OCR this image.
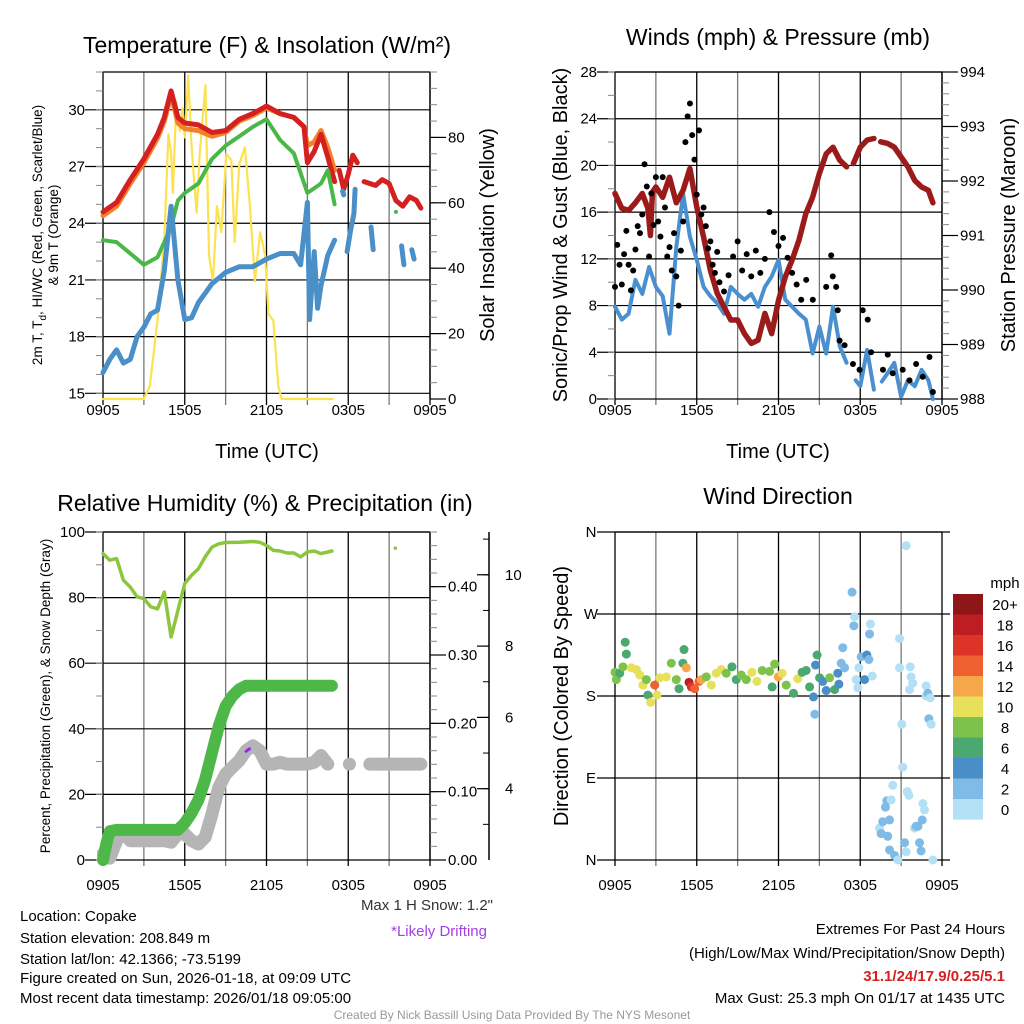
Temperature (F) & Insolation (W/m²)
Time (UTC)
2m T, $T_d$, HI/WC (Red, Green, Scarlet/Blue) & 9m T (Orange)	Solar Insolation (Yellow)
Winds (mph) & Pressure (mb)
Time (UTC)
Sonic/Prop Wind & Gust (Blue, Black)	Station Pressure (Maroon)
Relative Humidity (%) & Precipitation (in)
Percent, Precipitation (Green), & Snow Depth (Gray)
Wind Direction
Direction (Colored By Speed)	mph
0905	1505	2105	0305	0905
15
18
21
24
27
30
0
20
40
60
80
0905	1505	2105	0305	0905
0
4
8
12
16
20
24
28
988
989
990
991
992
993
994
0905	1505	2105	0305	0905
0
20
40
60
80
100
0.00
0.10
0.20
0.30
0.40
4
6
8
10
0905	1505	2105	0305	0905
N
E
S
W
N
20+
18
16
14
12
10
8
6
4
2
0
Location: Copake
Station elevation: 208.849 m
Station lat/lon: 42.1366; -73.5199
Figure created on Sun, 2026-01-18, at 09:09 UTC
Most recent data timestamp: 2026/01/18 09:05:00
Max 1 H Snow: 1.2"
*Likely Drifting	Extremes For Past 24 Hours
(High/Low/Max Wind/Precipitation/Snow Depth)
31.1/24/17.9/0.25/5.1
Max Gust: 25.3 mph On 01/17 at 1435 UTC
Created By Nick Bassill Using Data Provided By The NYS Mesonet
